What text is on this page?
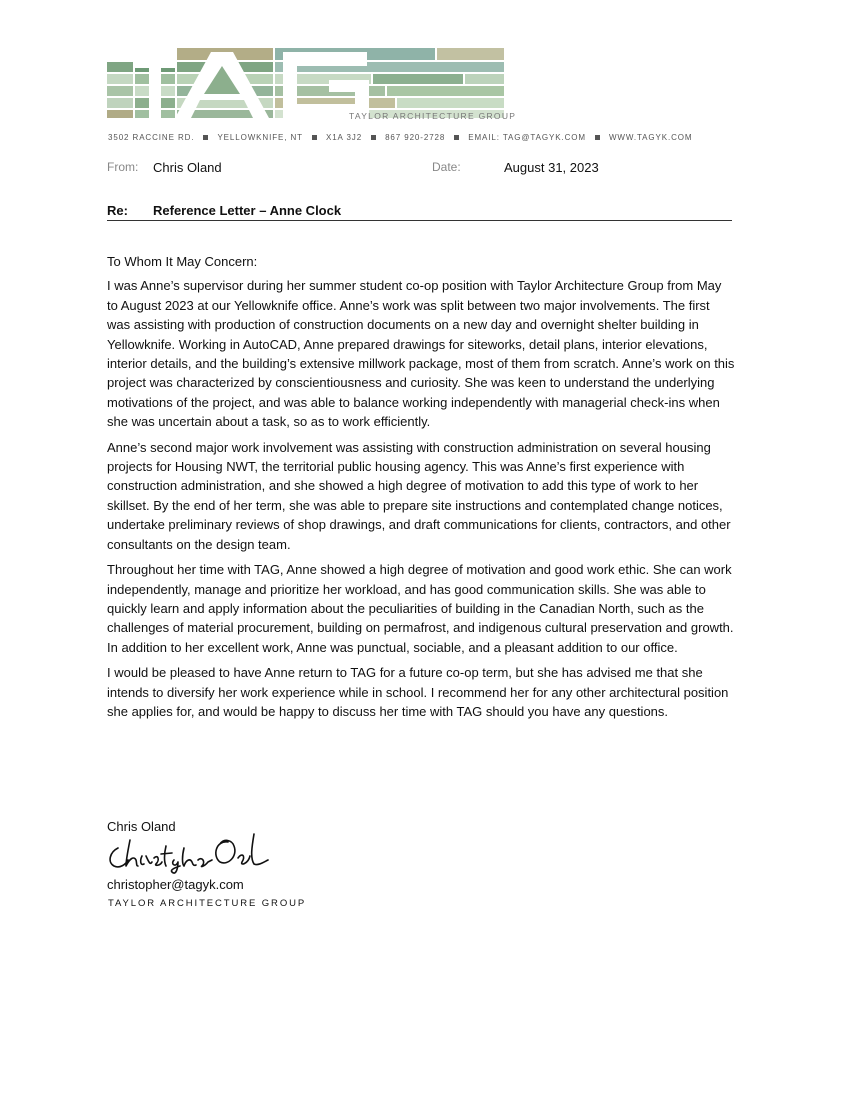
TAYLOR ARCHITECTURE GROUP
3502 RACCINE RD.	YELLOWKNIFE, NT	X1A 3J2	867 920-2728	EMAIL: TAG@TAGYK.COM	WWW.TAGYK.COM
From: Chris Oland	Date:	August 31, 2023
Re: Reference Letter – Anne Clock

To Whom It May Concern:

I was Anne’s supervisor during her summer student co-op position with Taylor Architecture Group from May to August 2023 at our Yellowknife office. Anne’s work was split between two major involvements. The first was assisting with production of construction documents on a new day and overnight shelter building in Yellowknife. Working in AutoCAD, Anne prepared drawings for siteworks, detail plans, interior elevations, interior details, and the building’s extensive millwork package, most of them from scratch. Anne’s work on this project was characterized by conscientiousness and curiosity. She was keen to understand the underlying motivations of the project, and was able to balance working independently with managerial check-ins when she was uncertain about a task, so as to work efficiently.

Anne’s second major work involvement was assisting with construction administration on several housing projects for Housing NWT, the territorial public housing agency. This was Anne’s first experience with construction administration, and she showed a high degree of motivation to add this type of work to her skillset. By the end of her term, she was able to prepare site instructions and contemplated change notices, undertake preliminary reviews of shop drawings, and draft communications for clients, contractors, and other consultants on the design team.

Throughout her time with TAG, Anne showed a high degree of motivation and good work ethic. She can work independently, manage and prioritize her workload, and has good communication skills. She was able to quickly learn and apply information about the peculiarities of building in the Canadian North, such as the challenges of material procurement, building on permafrost, and indigenous cultural preservation and growth. In addition to her excellent work, Anne was punctual, sociable, and a pleasant addition to our office.

I would be pleased to have Anne return to TAG for a future co-op term, but she has advised me that she intends to diversify her work experience while in school. I recommend her for any other architectural position she applies for, and would be happy to discuss her time with TAG should you have any questions.

Chris Oland
christopher@tagyk.com
TAYLOR ARCHITECTURE GROUP
